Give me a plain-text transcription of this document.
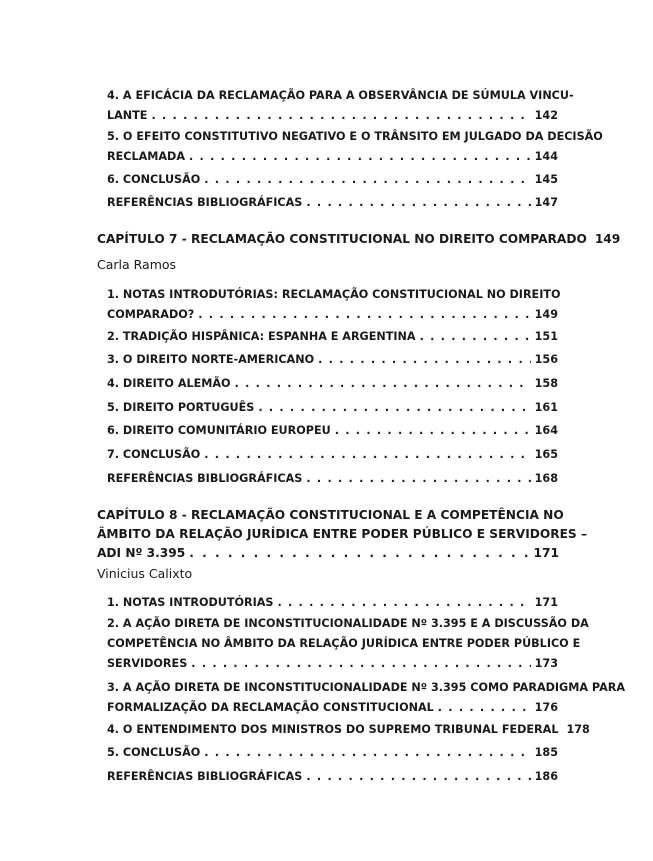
4. A EFICÁCIA DA RECLAMAÇÃO PARA A OBSERVÂNCIA DE SÚMULA VINCU-
LANTE . . .	142
5. O EFEITO CONSTITUTIVO NEGATIVO E O TRÂNSITO EM JULGADO DA DECISÃO
RECLAMADA . . .	144
6. CONCLUSÃO . . .	145
REFERÊNCIAS BIBLIOGRÁFICAS . . .	147
CAPÍTULO 7 - RECLAMAÇÃO CONSTITUCIONAL NO DIREITO COMPARADO 149
Carla Ramos
1. NOTAS INTRODUTÓRIAS: RECLAMAÇÃO CONSTITUCIONAL NO DIREITO
COMPARADO? . . .	149
2. TRADIÇÃO HISPÂNICA: ESPANHA E ARGENTINA . . .	151
3. O DIREITO NORTE-AMERICANO . . .	156
4. DIREITO ALEMÃO . . .	158
5. DIREITO PORTUGUÊS . . .	161
6. DIREITO COMUNITÁRIO EUROPEU . . .	164
7. CONCLUSÃO . . .	165
REFERÊNCIAS BIBLIOGRÁFICAS . . .	168
CAPÍTULO 8 - RECLAMAÇÃO CONSTITUCIONAL E A COMPETÊNCIA NO
ÂMBITO DA RELAÇÃO JURÍDICA ENTRE PODER PÚBLICO E SERVIDORES –
ADI Nº 3.395 . . .	171
Vinicius Calixto
1. NOTAS INTRODUTÓRIAS . . .	171
2. A AÇÃO DIRETA DE INCONSTITUCIONALIDADE Nº 3.395 E A DISCUSSÃO DA
COMPETÊNCIA NO ÂMBITO DA RELAÇÃO JURÍDICA ENTRE PODER PÚBLICO E
SERVIDORES . . .	173
3. A AÇÃO DIRETA DE INCONSTITUCIONALIDADE Nº 3.395 COMO PARADIGMA PARA
FORMALIZAÇÃO DA RECLAMAÇÃO CONSTITUCIONAL . . .	176
4. O ENTENDIMENTO DOS MINISTROS DO SUPREMO TRIBUNAL FEDERAL 178
5. CONCLUSÃO . . .	185
REFERÊNCIAS BIBLIOGRÁFICAS . . .	186
